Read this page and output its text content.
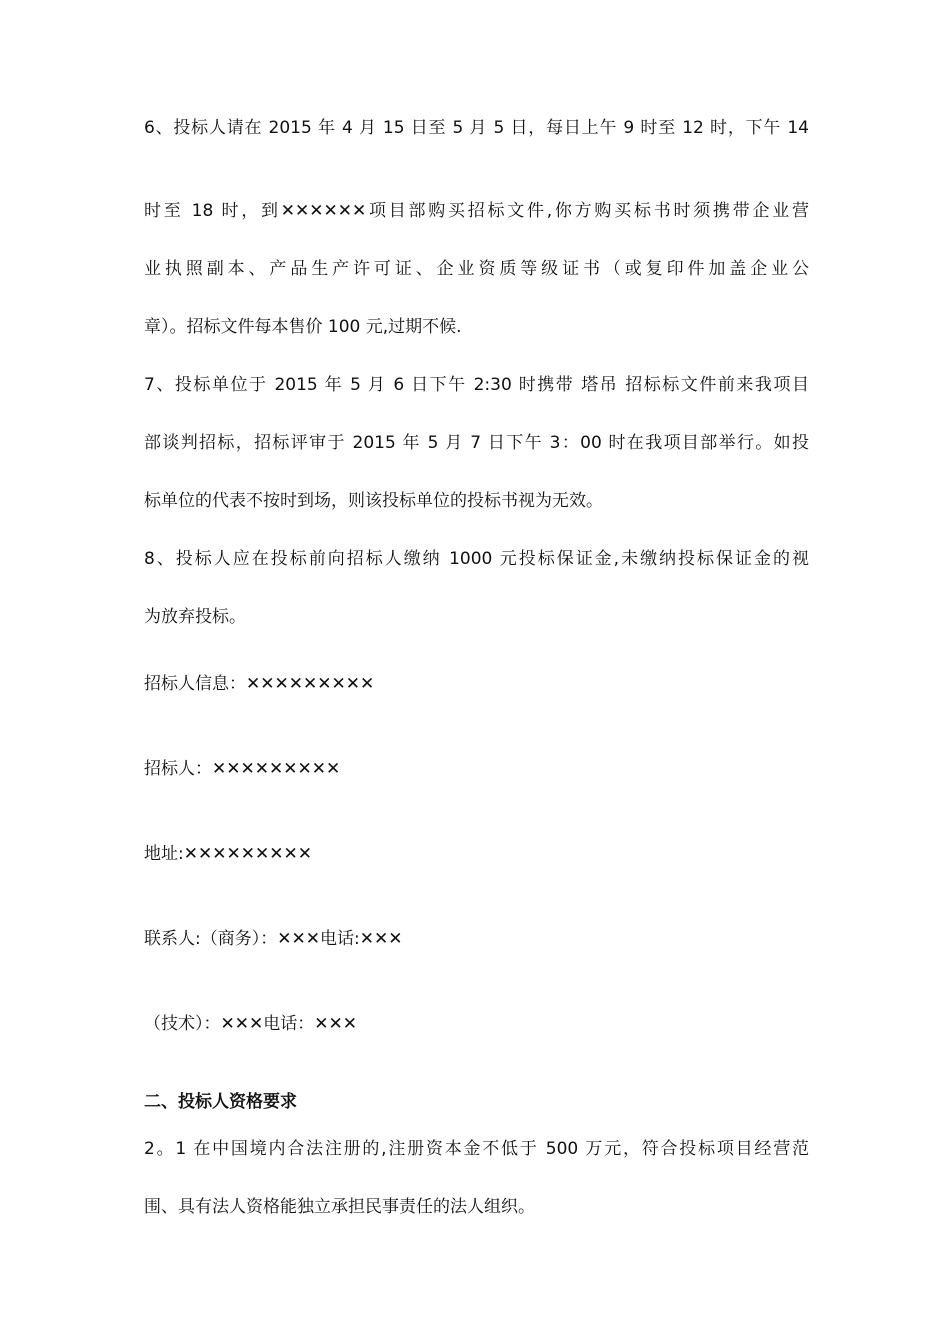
6、投标人请在 2015 年 4 月 15 日至 5 月 5 日，每日上午 9 时至 12 时，下午 14
时至 18 时，到✕✕✕✕✕✕项目部购买招标文件,你方购买标书时须携带企业营
业执照副本、产品生产许可证、企业资质等级证书（或复印件加盖企业公
章）。招标文件每本售价 100 元,过期不候.
7、投标单位于 2015 年 5 月 6 日下午 2:30 时携带 塔吊 招标标文件前来我项目
部谈判招标，招标评审于 2015 年 5 月 7 日下午 3：00 时在我项目部举行。如投
标单位的代表不按时到场，则该投标单位的投标书视为无效。
8、投标人应在投标前向招标人缴纳 1000 元投标保证金,未缴纳投标保证金的视
为放弃投标。
招标人信息：✕✕✕✕✕✕✕✕✕
招标人：✕✕✕✕✕✕✕✕✕
地址:✕✕✕✕✕✕✕✕✕
联系人:（商务）：✕✕✕电话:✕✕✕
（技术）：✕✕✕电话：✕✕✕
二、投标人资格要求
2。1 在中国境内合法注册的,注册资本金不低于 500 万元，符合投标项目经营范
围、具有法人资格能独立承担民事责任的法人组织。
